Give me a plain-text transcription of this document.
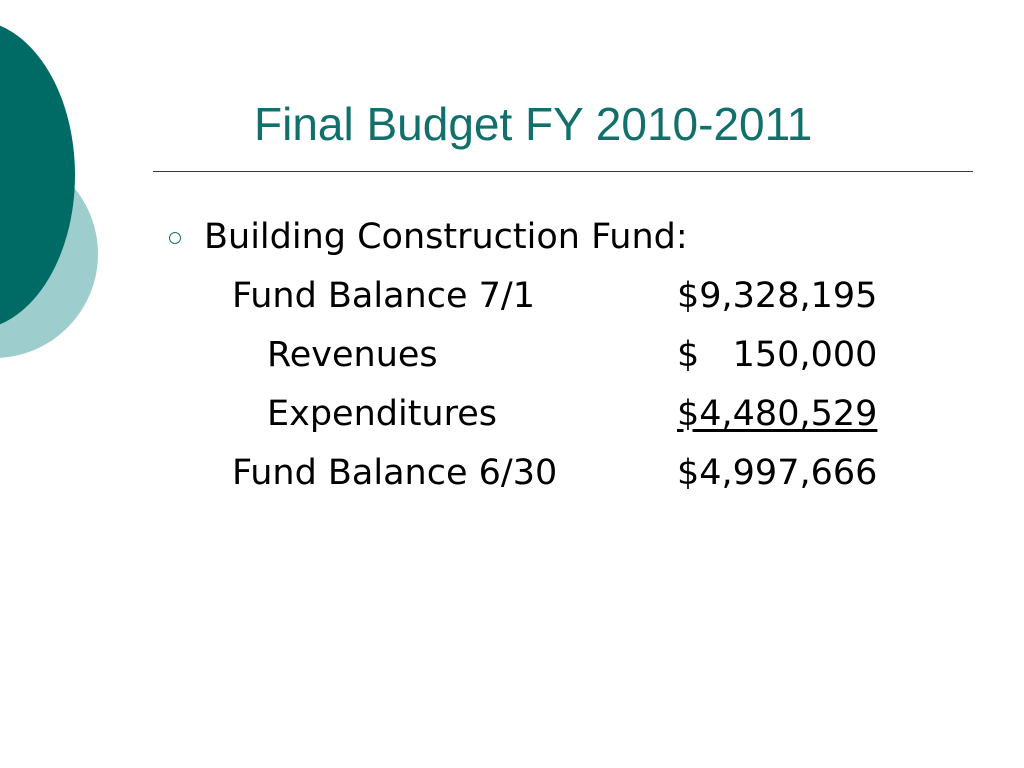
Final Budget FY 2010-2011
Building Construction Fund:
Fund Balance 7/1	$9,328,195
Revenues	$   150,000
Expenditures	$4,480,529
Fund Balance 6/30	$4,997,666
